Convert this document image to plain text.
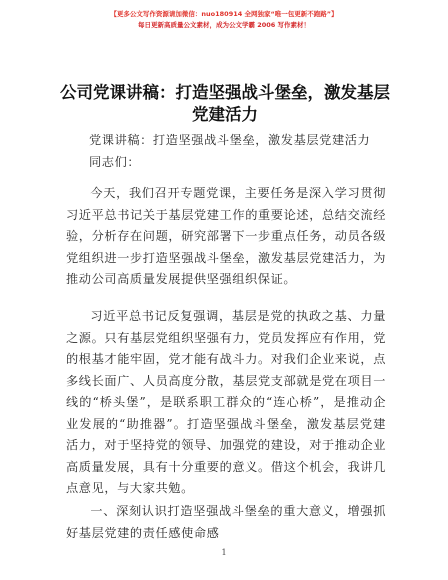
【更多公文写作资源请加微信：nuo180914 全网独家“唯一包更新不跑路”】
每日更新高质量公文素材，成为公文学霸 2006 写作素材！
公司党课讲稿：打造坚强战斗堡垒，激发基层党建活力

党课讲稿：打造坚强战斗堡垒，激发基层党建活力

同志们：

今天，我们召开专题党课，主要任务是深入学习贯彻习近平总书记关于基层党建工作的重要论述，总结交流经验，分析存在问题，研究部署下一步重点任务，动员各级党组织进一步打造坚强战斗堡垒，激发基层党建活力，为推动公司高质量发展提供坚强组织保证。

习近平总书记反复强调，基层是党的执政之基、力量之源。只有基层党组织坚强有力，党员发挥应有作用，党的根基才能牢固，党才能有战斗力。对我们企业来说，点多线长面广、人员高度分散，基层党支部就是党在项目一线的“桥头堡”，是联系职工群众的“连心桥”，是推动企业发展的“助推器”。打造坚强战斗堡垒，激发基层党建活力，对于坚持党的领导、加强党的建设，对于推动企业高质量发展，具有十分重要的意义。借这个机会，我讲几点意见，与大家共勉。

一、深刻认识打造坚强战斗堡垒的重大意义，增强抓好基层党建的责任感使命感

1
